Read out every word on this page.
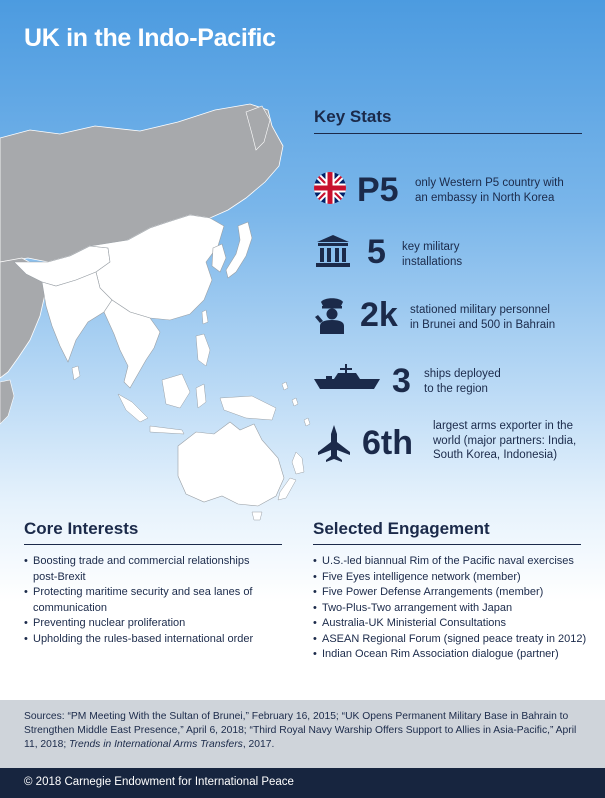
UK in the Indo-Pacific
Key Stats
P5 only Western P5 country with
an embassy in North Korea
5 key military
installations
2k stationed military personnel
in Brunei and 500 in Bahrain
3 ships deployed
to the region
6th largest arms exporter in the
world (major partners: India,
South Korea, Indonesia)
Core Interests
• Boosting trade and commercial relationships
post-Brexit
• Protecting maritime security and sea lanes of
communication
• Preventing nuclear proliferation
• Upholding the rules-based international order
Selected Engagement
• U.S.-led biannual Rim of the Pacific naval exercises
• Five Eyes intelligence network (member)
• Five Power Defense Arrangements (member)
• Two-Plus-Two arrangement with Japan
• Australia-UK Ministerial Consultations
• ASEAN Regional Forum (signed peace treaty in 2012)
• Indian Ocean Rim Association dialogue (partner)
Sources: “PM Meeting With the Sultan of Brunei,” February 16, 2015; “UK Opens Permanent Military Base in Bahrain to
Strengthen Middle East Presence,” April 6, 2018; “Third Royal Navy Warship Offers Support to Allies in Asia-Pacific,” April
11, 2018; Trends in International Arms Transfers, 2017.
© 2018 Carnegie Endowment for International Peace
